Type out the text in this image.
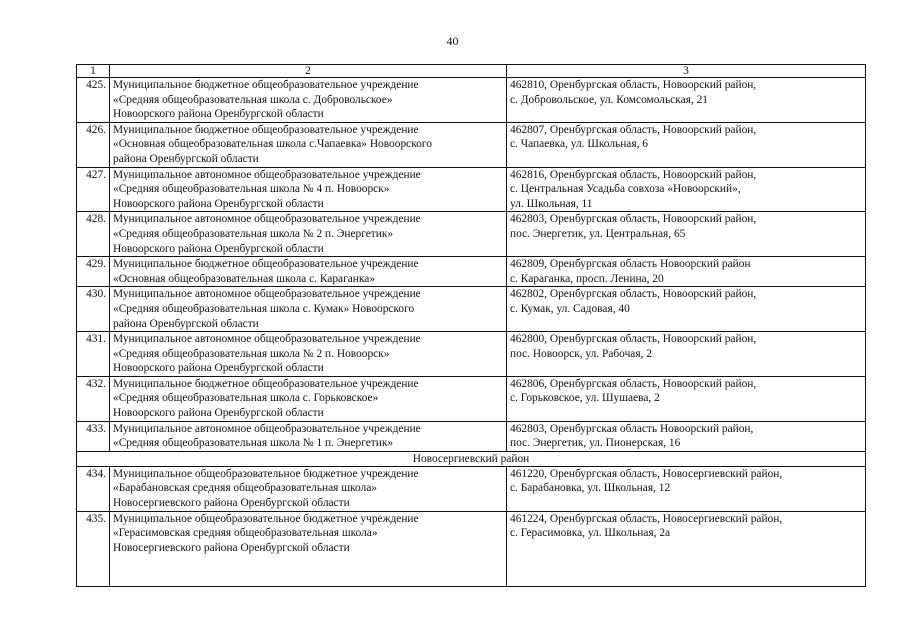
40
1	2	3
425.	Муниципальное бюджетное общеобразовательное учреждение
«Средняя общеобразовательная школа с. Добровольское»
Новоорского района Оренбургской области	462810, Оренбургская область, Новоорский район,
с. Добровольское, ул. Комсомольская, 21

426.	Муниципальное бюджетное общеобразовательное учреждение
«Основная общеобразовательная школа с.Чапаевка» Новоорского
района Оренбургской области	462807, Оренбургская область, Новоорский район,
с. Чапаевка, ул. Школьная, 6

427.	Муниципальное автономное общеобразовательное учреждение
«Средняя общеобразовательная школа № 4 п. Новоорск»
Новоорского района Оренбургской области	462816, Оренбургская область, Новоорский район,
с. Центральная Усадьба совхоза «Новоорский»,
ул. Школьная, 11

428.	Муниципальное автономное общеобразовательное учреждение
«Средняя общеобразовательная школа № 2 п. Энергетик»
Новоорского района Оренбургской области	462803, Оренбургская область, Новоорский район,
пос. Энергетик, ул. Центральная, 65

429.	Муниципальное бюджетное общеобразовательное учреждение
«Основная общеобразовательная школа с. Караганка»	462809, Оренбургская область Новоорский район
с. Караганка, просп. Ленина, 20

430.	Муниципальное автономное общеобразовательное учреждение
«Средняя общеобразовательная школа с. Кумак» Новоорского
района Оренбургской области	462802, Оренбургская область, Новоорский район,
с. Кумак, ул. Садовая, 40

431.	Муниципальное автономное общеобразовательное учреждение
«Средняя общеобразовательная школа № 2 п. Новоорск»
Новоорского района Оренбургской области	462800, Оренбургская область, Новоорский район,
пос. Новоорск, ул. Рабочая, 2

432.	Муниципальное бюджетное общеобразовательное учреждение
«Средняя общеобразовательная школа с. Горьковское»
Новоорского района Оренбургской области	462806, Оренбургская область, Новоорский район,
с. Горьковское, ул. Шушаева, 2

433.	Муниципальное автономное общеобразовательное учреждение
«Средняя общеобразовательная школа № 1 п. Энергетик»	462803, Оренбургская область Новоорский район,
пос. Энергетик, ул. Пионерская, 16

Новосергиевский район		
434.	Муниципальное общеобразовательное бюджетное учреждение
«Барабановская средняя общеобразовательная школа»
Новосергиевского района Оренбургской области	461220, Оренбургская область, Новосергиевский район,
с. Барабановка, ул. Школьная, 12

435.	Муниципальное общеобразовательное бюджетное учреждение
«Герасимовская средняя общеобразовательная школа»
Новосергиевского района Оренбургской области	461224, Оренбургская область, Новосергиевский район,
с. Герасимовка, ул. Школьная, 2а
